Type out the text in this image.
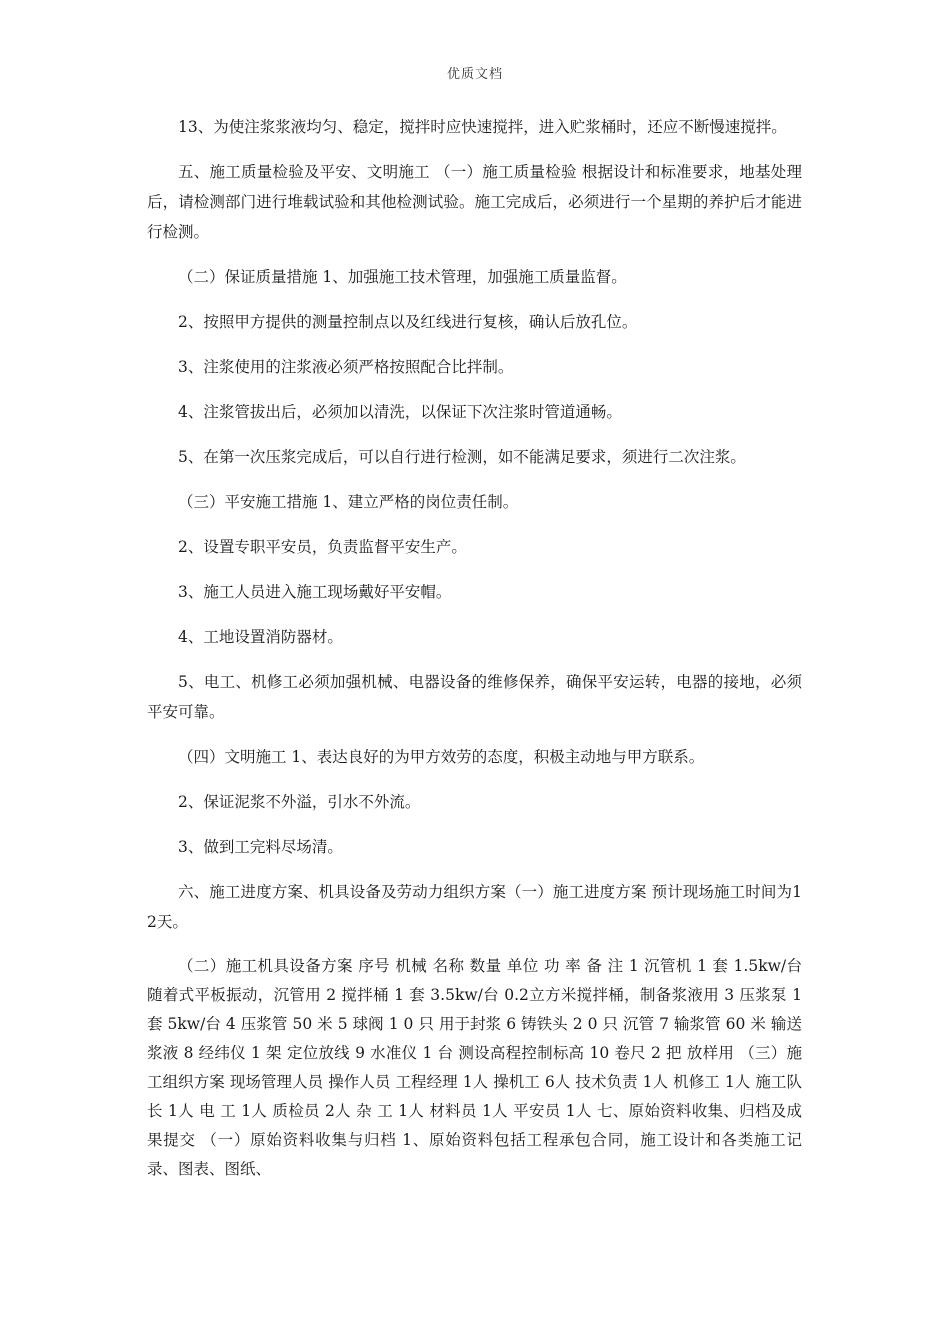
优质文档

13、为使注浆浆液均匀、稳定，搅拌时应快速搅拌，进入贮浆桶时，还应不断慢速搅拌。

五、施工质量检验及平安、文明施工 （一）施工质量检验 根据设计和标准要求，地基处理后，请检测部门进行堆载试验和其他检测试验。施工完成后，必须进行一个星期的养护后才能进行检测。

（二）保证质量措施 1、加强施工技术管理，加强施工质量监督。

2、按照甲方提供的测量控制点以及红线进行复核，确认后放孔位。

3、注浆使用的注浆液必须严格按照配合比拌制。

4、注浆管拔出后，必须加以清洗，以保证下次注浆时管道通畅。

5、在第一次压浆完成后，可以自行进行检测，如不能满足要求，须进行二次注浆。

（三）平安施工措施 1、建立严格的岗位责任制。

2、设置专职平安员，负责监督平安生产。

3、施工人员进入施工现场戴好平安帽。

4、工地设置消防器材。

5、电工、机修工必须加强机械、电器设备的维修保养，确保平安运转，电器的接地，必须平安可靠。

（四）文明施工 1、表达良好的为甲方效劳的态度，积极主动地与甲方联系。

2、保证泥浆不外溢，引水不外流。

3、做到工完料尽场清。

六、施工进度方案、机具设备及劳动力组织方案（一）施工进度方案 预计现场施工时间为12天。

（二）施工机具设备方案 序号 机械 名称 数量 单位 功 率 备 注 1 沉管机 1 套 1.5kw/台 随着式平板振动，沉管用 2 搅拌桶 1 套 3.5kw/台 0.2立方米搅拌桶，制备浆液用 3 压浆泵 1 套 5kw/台 4 压浆管 50 米 5 球阀 1 0 只 用于封浆 6 铸铁头 2 0 只 沉管 7 输浆管 60 米 输送浆液 8 经纬仪 1 架 定位放线 9 水准仪 1 台 测设高程控制标高 10 卷尺 2 把 放样用 （三）施工组织方案 现场管理人员 操作人员 工程经理 1人 操机工 6人 技术负责 1人 机修工 1人 施工队长 1人 电 工 1人 质检员 2人 杂 工 1人 材料员 1人 平安员 1人 七、原始资料收集、归档及成果提交 （一）原始资料收集与归档 1、原始资料包括工程承包合同，施工设计和各类施工记录、图表、图纸、
